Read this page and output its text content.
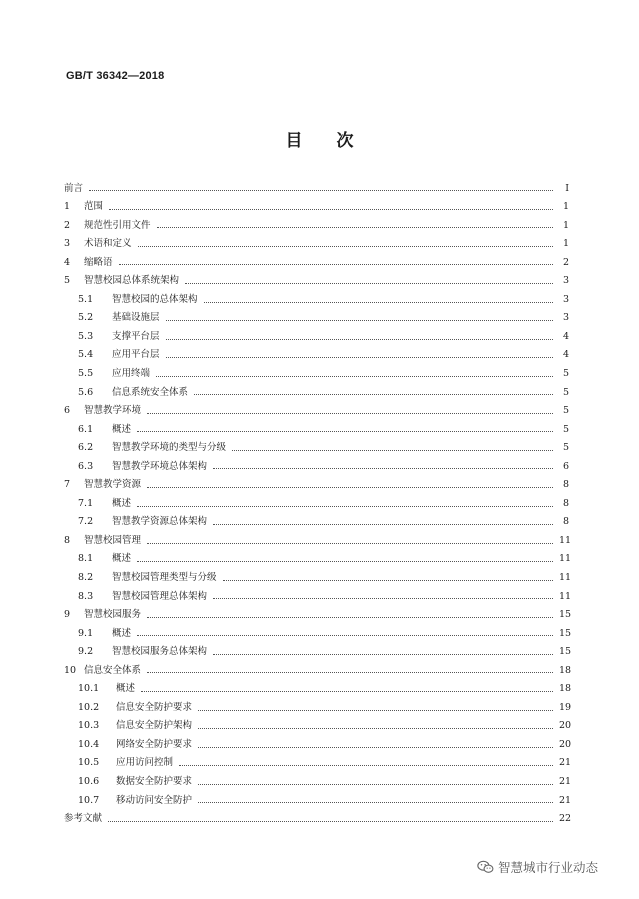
GB/T 36342—2018
目 次
前言	Ⅰ
1	范围	1
2	规范性引用文件	1
3	术语和定义	1
4	缩略语	2
5	智慧校园总体系统架构	3
5.1	智慧校园的总体架构	3
5.2	基础设施层	3
5.3	支撑平台层	4
5.4	应用平台层	4
5.5	应用终端	5
5.6	信息系统安全体系	5
6	智慧教学环境	5
6.1	概述	5
6.2	智慧教学环境的类型与分级	5
6.3	智慧教学环境总体架构	6
7	智慧教学资源	8
7.1	概述	8
7.2	智慧教学资源总体架构	8
8	智慧校园管理	11
8.1	概述	11
8.2	智慧校园管理类型与分级	11
8.3	智慧校园管理总体架构	11
9	智慧校园服务	15
9.1	概述	15
9.2	智慧校园服务总体架构	15
10 信息安全体系	18
10.1	概述	18
10.2	信息安全防护要求	19
10.3	信息安全防护架构	20
10.4	网络安全防护要求	20
10.5	应用访问控制	21
10.6	数据安全防护要求	21
10.7	移动访问安全防护	21
参考文献	22
智慧城市行业动态
